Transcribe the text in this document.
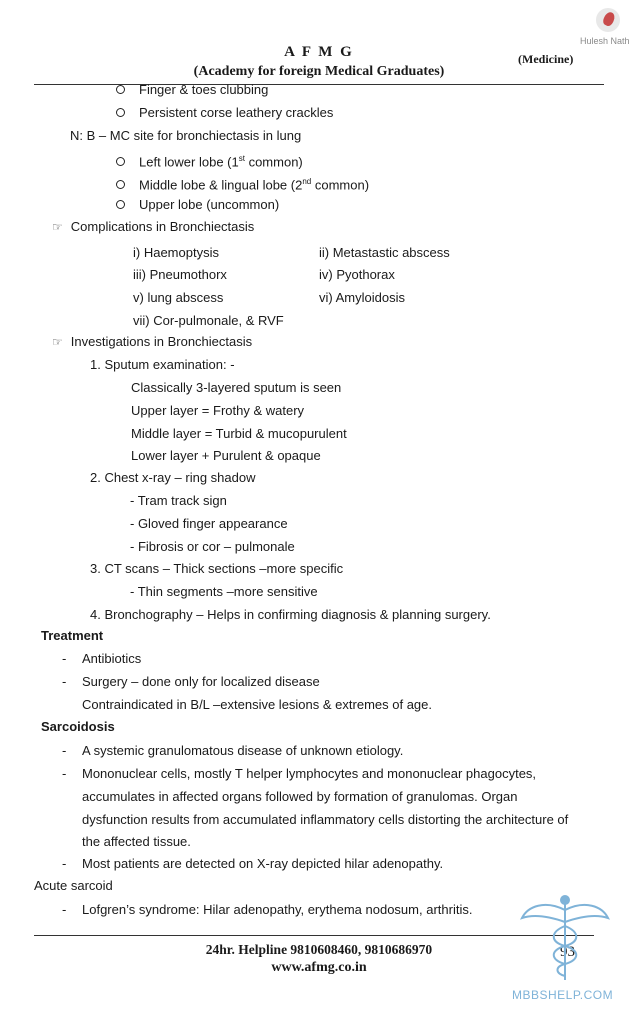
Hulesh Nath
A F M G	(Medicine)
(Academy for foreign Medical Graduates)
Finger & toes clubbing
Persistent corse leathery crackles
N: B – MC site for bronchiectasis in lung
Left lower lobe (1st common)
Middle lobe & lingual lobe (2nd common)
Upper lobe (uncommon)
☞ Complications in Bronchiectasis
i) Haemoptysis	ii) Metastastic abscess
iii) Pneumothorx	iv) Pyothorax
v) lung abscess	vi) Amyloidosis
vii) Cor-pulmonale, & RVF
☞ Investigations in Bronchiectasis
1. Sputum examination: -
Classically 3-layered sputum is seen
Upper layer = Frothy & watery
Middle layer = Turbid & mucopurulent
Lower layer + Purulent & opaque
2. Chest x-ray – ring shadow
- Tram track sign
- Gloved finger appearance
- Fibrosis or cor – pulmonale
3. CT scans – Thick sections –more specific
- Thin segments –more sensitive
4. Bronchography – Helps in confirming diagnosis & planning surgery.
Treatment
- Antibiotics
- Surgery – done only for localized disease
Contraindicated in B/L –extensive lesions & extremes of age.
Sarcoidosis
- A systemic granulomatous disease of unknown etiology.
- Mononuclear cells, mostly T helper lymphocytes and mononuclear phagocytes,
accumulates in affected organs followed by formation of granulomas. Organ
dysfunction results from accumulated inflammatory cells distorting the architecture of
the affected tissue.
- Most patients are detected on X-ray depicted hilar adenopathy.
Acute sarcoid
- Lofgren’s syndrome: Hilar adenopathy, erythema nodosum, arthritis.
24hr. Helpline 9810608460, 9810686970
www.afmg.co.in
93
MBBSHELP.COM
